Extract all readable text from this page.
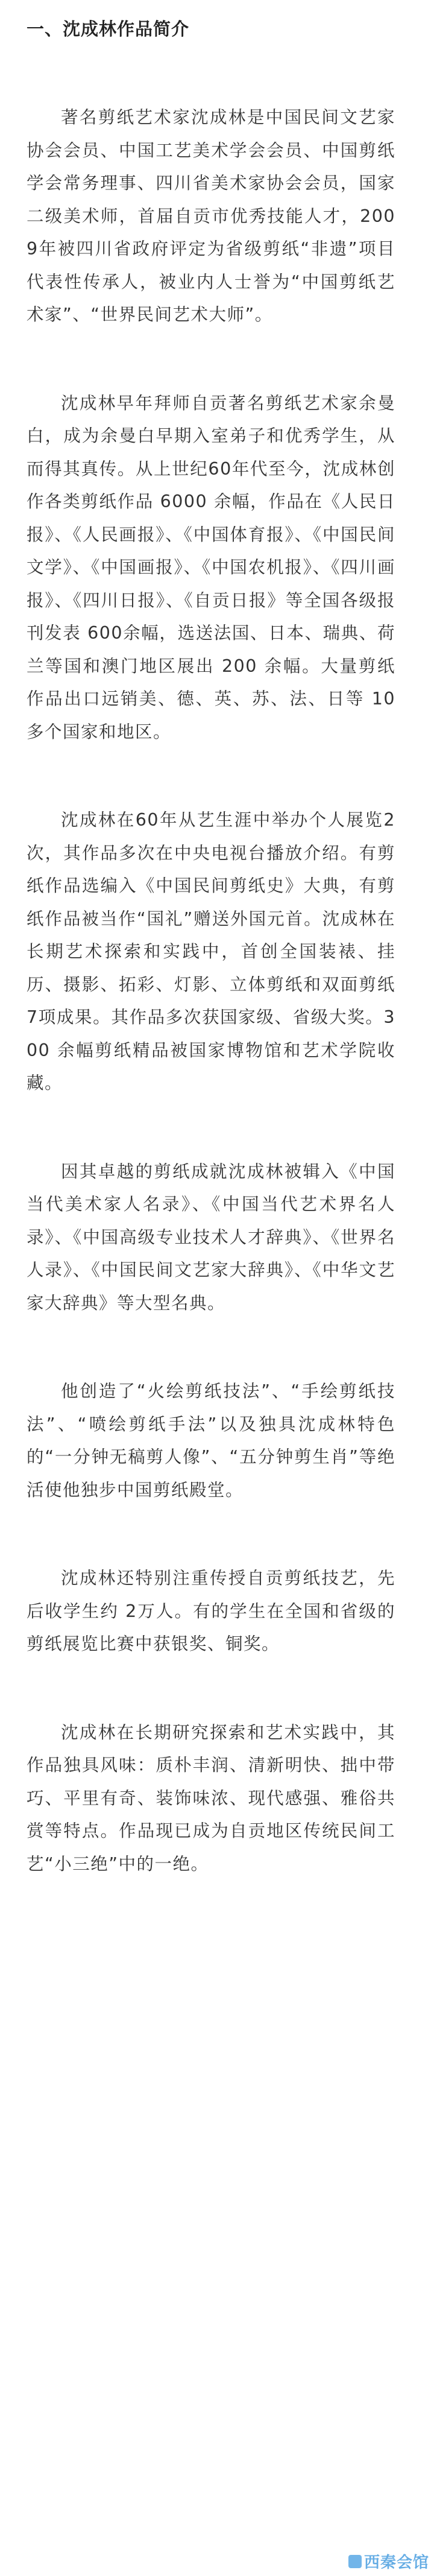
一、沈成林作品简介

著名剪纸艺术家沈成林是中国民间文艺家协会会员、中国工艺美术学会会员、中国剪纸学会常务理事、四川省美术家协会会员，国家二级美术师，首届自贡市优秀技能人才，2009年被四川省政府评定为省级剪纸“非遗”项目代表性传承人，被业内人士誉为“中国剪纸艺术家”、“世界民间艺术大师”。

沈成林早年拜师自贡著名剪纸艺术家余曼白，成为余曼白早期入室弟子和优秀学生，从而得其真传。从上世纪60年代至今，沈成林创作各类剪纸作品 6000 余幅，作品在《人民日报》、《人民画报》、《中国体育报》、《中国民间文学》、《中国画报》、《中国农机报》、《四川画报》、《四川日报》、《自贡日报》等全国各级报刊发表 600余幅，选送法国、日本、瑞典、荷兰等国和澳门地区展出 200 余幅。大量剪纸作品出口远销美、德、英、苏、法、日等 10 多个国家和地区。

沈成林在60年从艺生涯中举办个人展览2次，其作品多次在中央电视台播放介绍。有剪纸作品选编入《中国民间剪纸史》大典，有剪纸作品被当作“国礼”赠送外国元首。沈成林在长期艺术探索和实践中，首创全国装裱、挂历、摄影、拓彩、灯影、立体剪纸和双面剪纸7项成果。其作品多次获国家级、省级大奖。300 余幅剪纸精品被国家博物馆和艺术学院收藏。

因其卓越的剪纸成就沈成林被辑入《中国当代美术家人名录》、《中国当代艺术界名人录》、《中国高级专业技术人才辞典》、《世界名人录》、《中国民间文艺家大辞典》、《中华文艺家大辞典》等大型名典。

他创造了“火绘剪纸技法”、“手绘剪纸技法”、“喷绘剪纸手法”以及独具沈成林特色的“一分钟无稿剪人像”、“五分钟剪生肖”等绝活使他独步中国剪纸殿堂。

沈成林还特别注重传授自贡剪纸技艺，先后收学生约 2万人。有的学生在全国和省级的剪纸展览比赛中获银奖、铜奖。

沈成林在长期研究探索和艺术实践中，其作品独具风味：质朴丰润、清新明快、拙中带巧、平里有奇、装饰味浓、现代感强、雅俗共赏等特点。作品现已成为自贡地区传统民间工艺“小三绝”中的一绝。

西秦会馆
